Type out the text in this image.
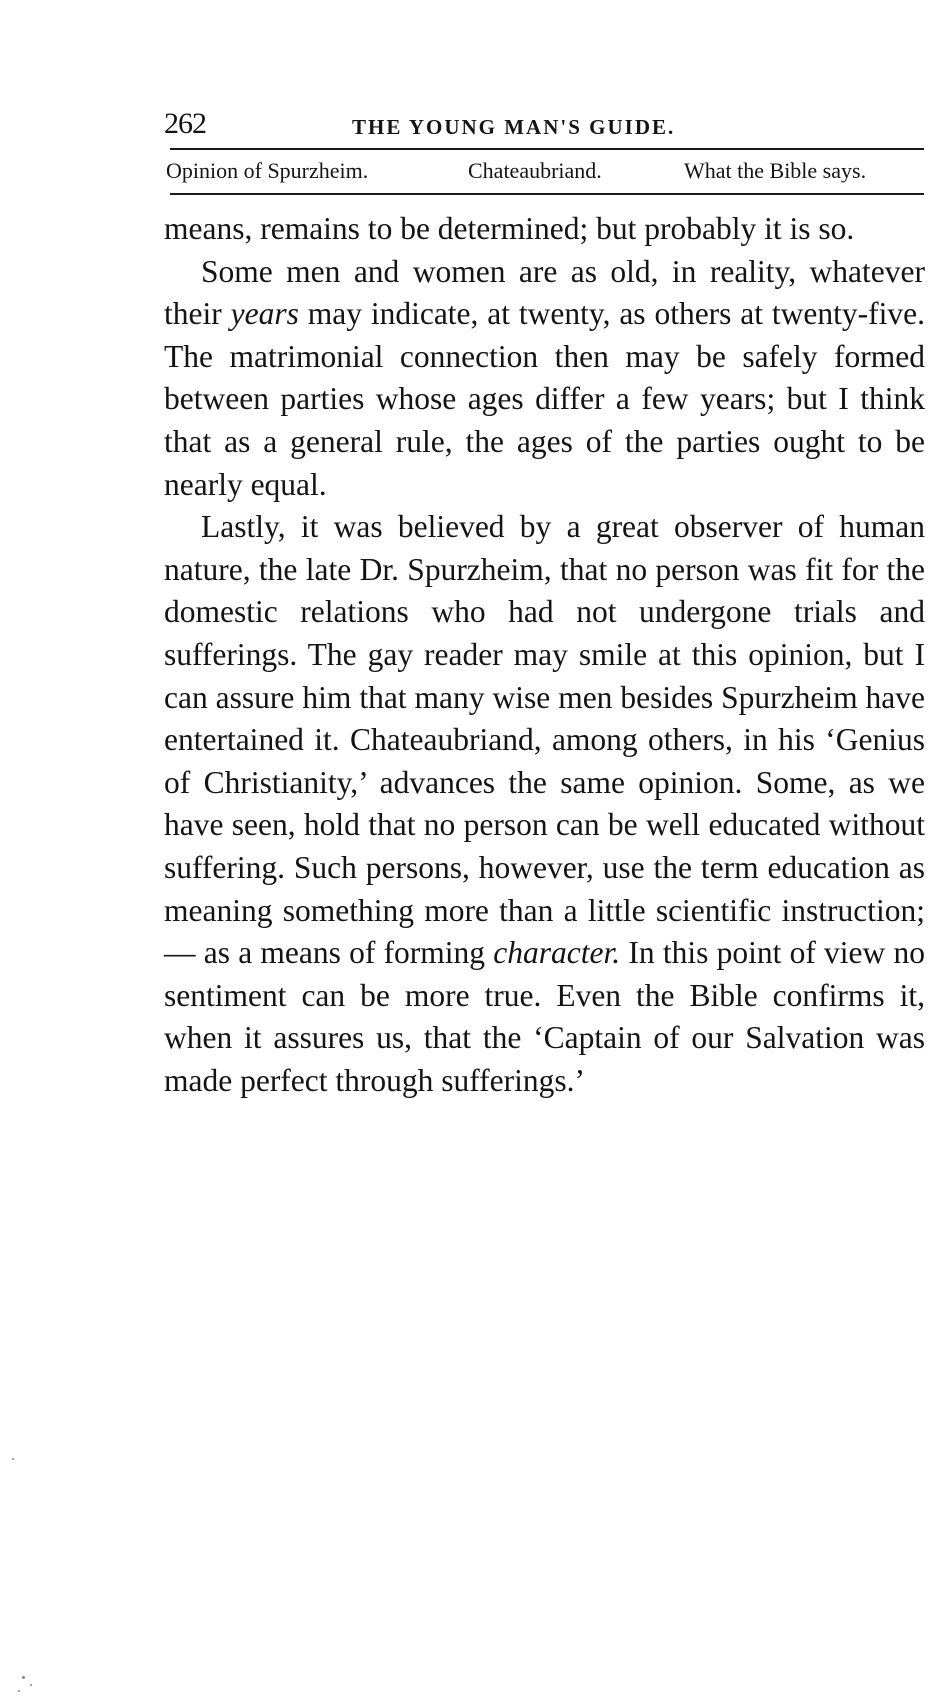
262	THE YOUNG MAN'S GUIDE.
Opinion of Spurzheim.	Chateaubriand.	What the Bible says.

means, remains to be determined; but probably it is so.

Some men and women are as old, in reality, whatever their years may indicate, at twenty, as others at twenty-five. The matrimonial connection then may be safely formed between parties whose ages differ a few years; but I think that as a general rule, the ages of the parties ought to be nearly equal.

Lastly, it was believed by a great observer of human nature, the late Dr. Spurzheim, that no person was fit for the domestic relations who had not undergone trials and sufferings. The gay reader may smile at this opinion, but I can assure him that many wise men besides Spurzheim have entertained it. Chateaubriand, among others, in his ‘Genius of Christianity,’ advances the same opinion. Some, as we have seen, hold that no person can be well educated without suffering. Such persons, however, use the term education as meaning something more than a little scientific instruction; — as a means of forming character. In this point of view no sentiment can be more true. Even the Bible confirms it, when it assures us, that the ‘Captain of our Salvation was made perfect through sufferings.’
